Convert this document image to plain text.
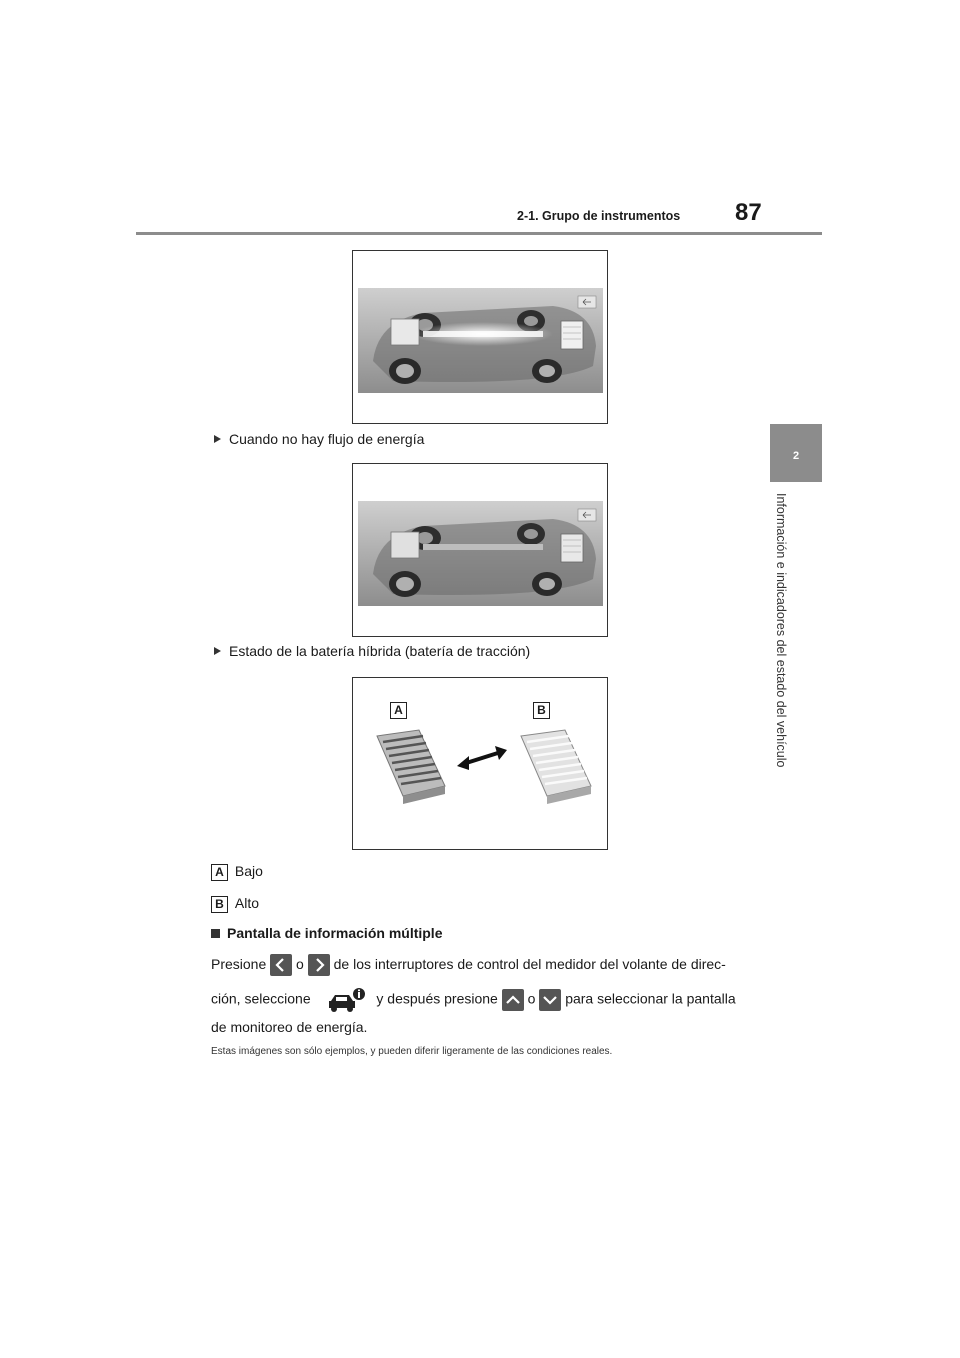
2-1. Grupo de instrumentos 87
2
Información e indicadores del estado del vehículo
Cuando no hay flujo de energía
Estado de la batería híbrida (batería de tracción)
A	B
A Bajo
B Alto
Pantalla de información múltiple
Presione o de los interruptores de control del medidor del volante de direc-
ción, seleccione	y después presione o para seleccionar la pantalla
de monitoreo de energía.
Estas imágenes son sólo ejemplos, y pueden diferir ligeramente de las condiciones reales.
